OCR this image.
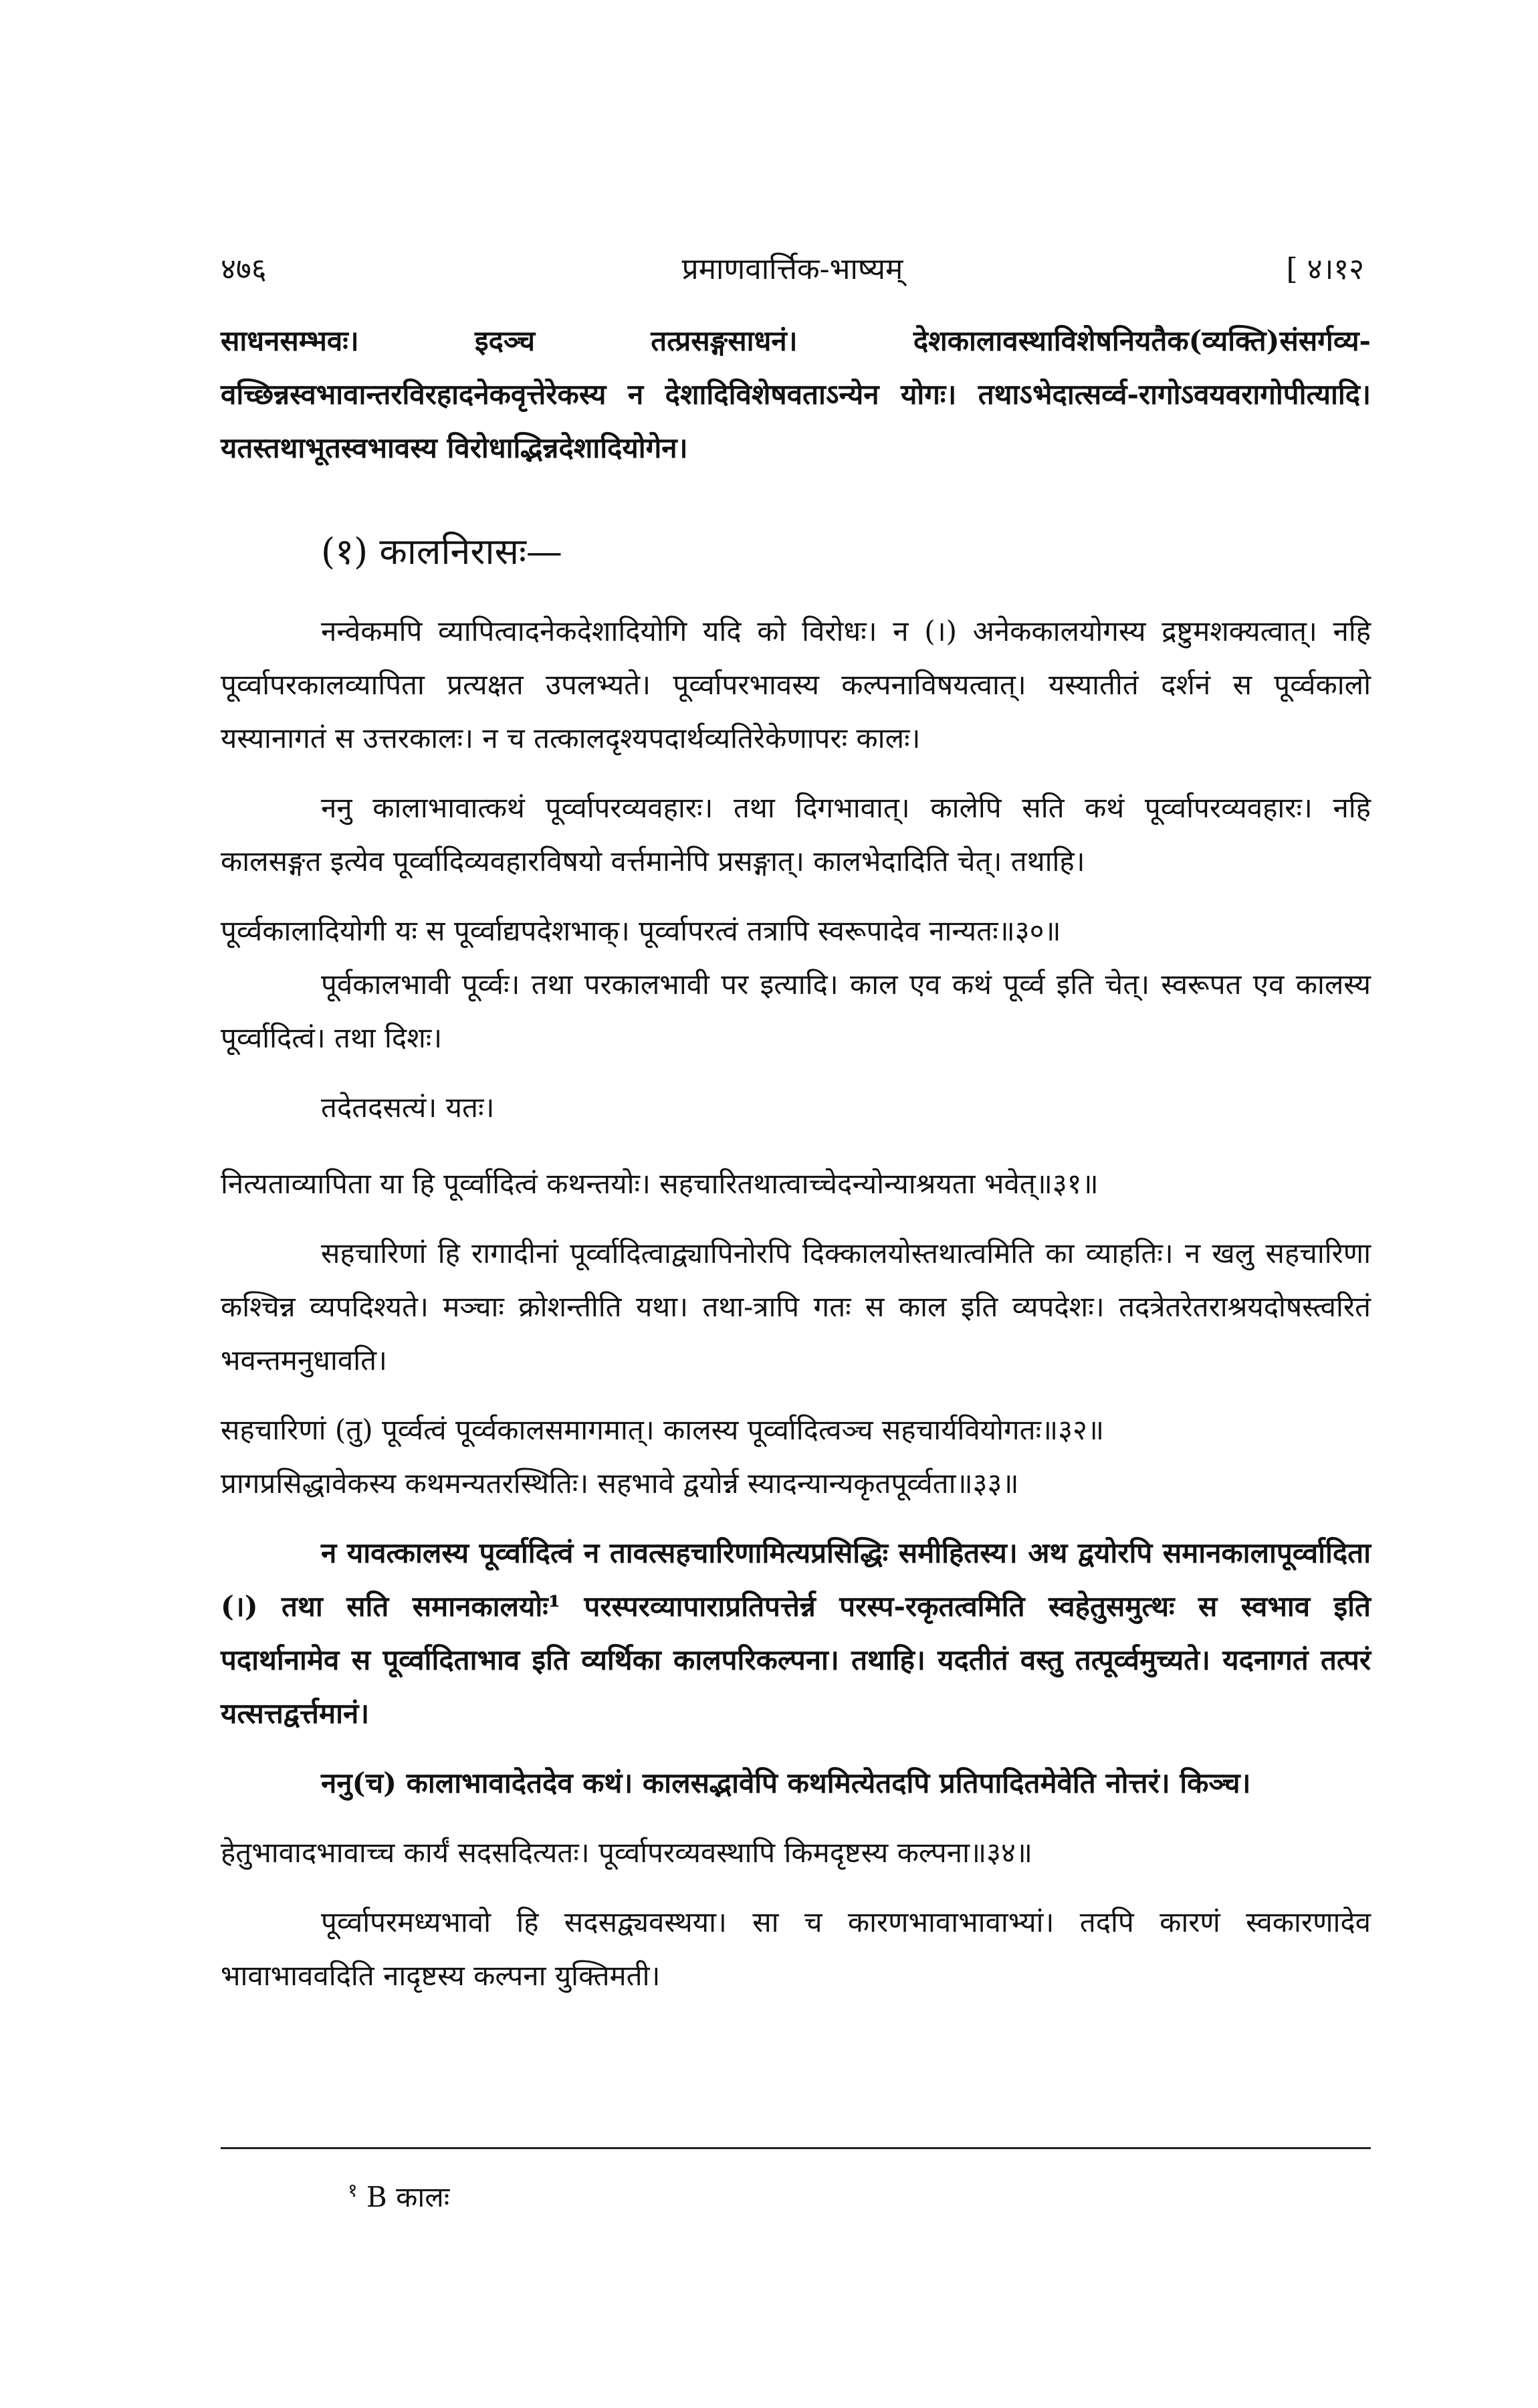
४७६	प्रमाणवार्त्तिक-भाष्यम्	[ ४।१२

साधनसम्भवः। इदञ्च तत्प्रसङ्गसाधनं। देशकालावस्थाविशेषनियतैक(व्यक्ति)संसर्गव्य-वच्छिन्नस्वभावान्तरविरहादनेकवृत्तेरेकस्य न देशादिविशेषवताऽन्येन योगः। तथाऽभेदात्सर्व्व-रागोऽवयवरागोपीत्यादि। यतस्तथाभूतस्वभावस्य विरोधाद्भिन्नदेशादियोगेन।

(१) कालनिरासः—

नन्वेकमपि व्यापित्वादनेकदेशादियोगि यदि को विरोधः। न (।) अनेककालयोगस्य द्रष्टुमशक्यत्वात्। नहि पूर्व्वापरकालव्यापिता प्रत्यक्षत उपलभ्यते। पूर्व्वापरभावस्य कल्पनाविषयत्वात्। यस्यातीतं दर्शनं स पूर्व्वकालो यस्यानागतं स उत्तरकालः। न च तत्कालदृश्यपदार्थव्यतिरेकेणापरः कालः।

ननु कालाभावात्कथं पूर्व्वापरव्यवहारः। तथा दिगभावात्। कालेपि सति कथं पूर्व्वापरव्यवहारः। नहि कालसङ्गत इत्येव पूर्व्वादिव्यवहारविषयो वर्त्तमानेपि प्रसङ्गात्। कालभेदादिति चेत्। तथाहि।

पूर्व्वकालादियोगी यः स पूर्व्वाद्यपदेशभाक्। पूर्व्वापरत्वं तत्रापि स्वरूपादेव नान्यतः॥३०॥

पूर्वकालभावी पूर्व्वः। तथा परकालभावी पर इत्यादि। काल एव कथं पूर्व्व इति चेत्। स्वरूपत एव कालस्य पूर्व्वादित्वं। तथा दिशः।

तदेतदसत्यं। यतः।

नित्यताव्यापिता या हि पूर्व्वादित्वं कथन्तयोः। सहचारितथात्वाच्चेदन्योन्याश्रयता भवेत्॥३१॥

सहचारिणां हि रागादीनां पूर्व्वादित्वाद्व्यापिनोरपि दिक्कालयोस्तथात्वमिति का व्याहतिः। न खलु सहचारिणा कश्चिन्न व्यपदिश्यते। मञ्चाः क्रोशन्तीति यथा। तथा-त्रापि गतः स काल इति व्यपदेशः। तदत्रेतरेतराश्रयदोषस्त्वरितं भवन्तमनुधावति।

सहचारिणां (तु) पूर्व्वत्वं पूर्व्वकालसमागमात्। कालस्य पूर्व्वादित्वञ्च सहचार्यवियोगतः॥३२॥

प्रागप्रसिद्धावेकस्य कथमन्यतरस्थितिः। सहभावे द्वयोर्न्न स्यादन्यान्यकृतपूर्व्वता॥३३॥

न यावत्कालस्य पूर्व्वादित्वं न तावत्सहचारिणामित्यप्रसिद्धिः समीहितस्य। अथ द्वयोरपि समानकालापूर्व्वादिता (।) तथा सति समानकालयोः¹ परस्परव्यापाराप्रतिपत्तेर्न्न परस्प-रकृतत्वमिति स्वहेतुसमुत्थः स स्वभाव इति पदार्थानामेव स पूर्व्वादिताभाव इति व्यर्थिका कालपरिकल्पना। तथाहि। यदतीतं वस्तु तत्पूर्व्वमुच्यते। यदनागतं तत्परं यत्सत्तद्वर्त्तमानं।

ननु(च) कालाभावादेतदेव कथं। कालसद्भावेपि कथमित्येतदपि प्रतिपादितमेवेति नोत्तरं। किञ्च।

हेतुभावादभावाच्च कार्यं सदसदित्यतः। पूर्व्वापरव्यवस्थापि किमदृष्टस्य कल्पना॥३४॥

पूर्व्वापरमध्यभावो हि सदसद्व्यवस्थया। सा च कारणभावाभावाभ्यां। तदपि कारणं स्वकारणादेव भावाभाववदिति नादृष्टस्य कल्पना युक्तिमती।

$^१$ B कालः
